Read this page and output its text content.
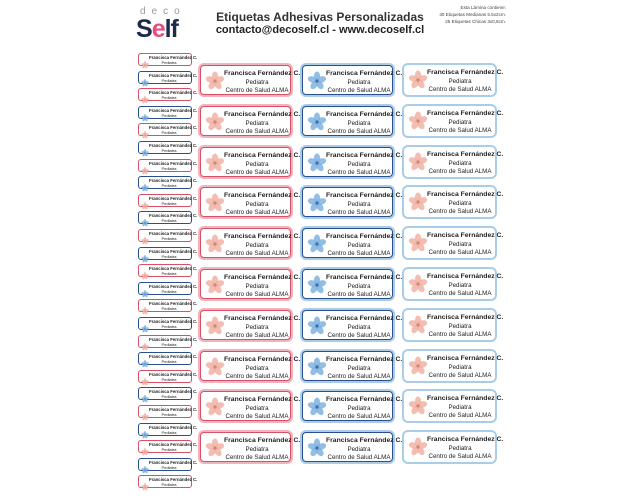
deco
Self	Etiquetas Adhesivas Personalizadas
contacto@decoself.cl - www.decoself.cl
Esta Lámina contiene:
30 Etiquetas Medianas 5.5x2cm.
25 Etiquetas Chicas 3x0,8cm.
Francisca Fernández C.
Pediatra
Francisca Fernández C.
Pediatra
Francisca Fernández C.
Pediatra
Francisca Fernández C.
Pediatra
Francisca Fernández C.
Pediatra
Francisca Fernández C.
Pediatra
Francisca Fernández C.
Pediatra
Francisca Fernández C.
Pediatra
Francisca Fernández C.
Pediatra
Francisca Fernández C.
Pediatra
Francisca Fernández C.
Pediatra
Francisca Fernández C.
Pediatra
Francisca Fernández C.
Pediatra
Francisca Fernández C.
Pediatra
Francisca Fernández C.
Pediatra
Francisca Fernández C.
Pediatra
Francisca Fernández C.
Pediatra
Francisca Fernández C.
Pediatra
Francisca Fernández C.
Pediatra
Francisca Fernández C.
Pediatra
Francisca Fernández C.
Pediatra
Francisca Fernández C.
Pediatra
Francisca Fernández C.
Pediatra
Francisca Fernández C.
Pediatra
Francisca Fernández C.
Pediatra
Francisca Fernández C.
Pediatra
Centro de Salud ALMA
Francisca Fernández C.
Pediatra
Centro de Salud ALMA
Francisca Fernández C.
Pediatra
Centro de Salud ALMA
Francisca Fernández C.
Pediatra
Centro de Salud ALMA
Francisca Fernández C.
Pediatra
Centro de Salud ALMA
Francisca Fernández C.
Pediatra
Centro de Salud ALMA
Francisca Fernández C.
Pediatra
Centro de Salud ALMA
Francisca Fernández C.
Pediatra
Centro de Salud ALMA
Francisca Fernández C.
Pediatra
Centro de Salud ALMA
Francisca Fernández C.
Pediatra
Centro de Salud ALMA
Francisca Fernández C.
Pediatra
Centro de Salud ALMA
Francisca Fernández C.
Pediatra
Centro de Salud ALMA
Francisca Fernández C.
Pediatra
Centro de Salud ALMA
Francisca Fernández C.
Pediatra
Centro de Salud ALMA
Francisca Fernández C.
Pediatra
Centro de Salud ALMA
Francisca Fernández C.
Pediatra
Centro de Salud ALMA
Francisca Fernández C.
Pediatra
Centro de Salud ALMA
Francisca Fernández C.
Pediatra
Centro de Salud ALMA
Francisca Fernández C.
Pediatra
Centro de Salud ALMA
Francisca Fernández C.
Pediatra
Centro de Salud ALMA
Francisca Fernández C.
Pediatra
Centro de Salud ALMA
Francisca Fernández C.
Pediatra
Centro de Salud ALMA
Francisca Fernández C.
Pediatra
Centro de Salud ALMA
Francisca Fernández C.
Pediatra
Centro de Salud ALMA
Francisca Fernández C.
Pediatra
Centro de Salud ALMA
Francisca Fernández C.
Pediatra
Centro de Salud ALMA
Francisca Fernández C.
Pediatra
Centro de Salud ALMA
Francisca Fernández C.
Pediatra
Centro de Salud ALMA
Francisca Fernández C.
Pediatra
Centro de Salud ALMA
Francisca Fernández C.
Pediatra
Centro de Salud ALMA
